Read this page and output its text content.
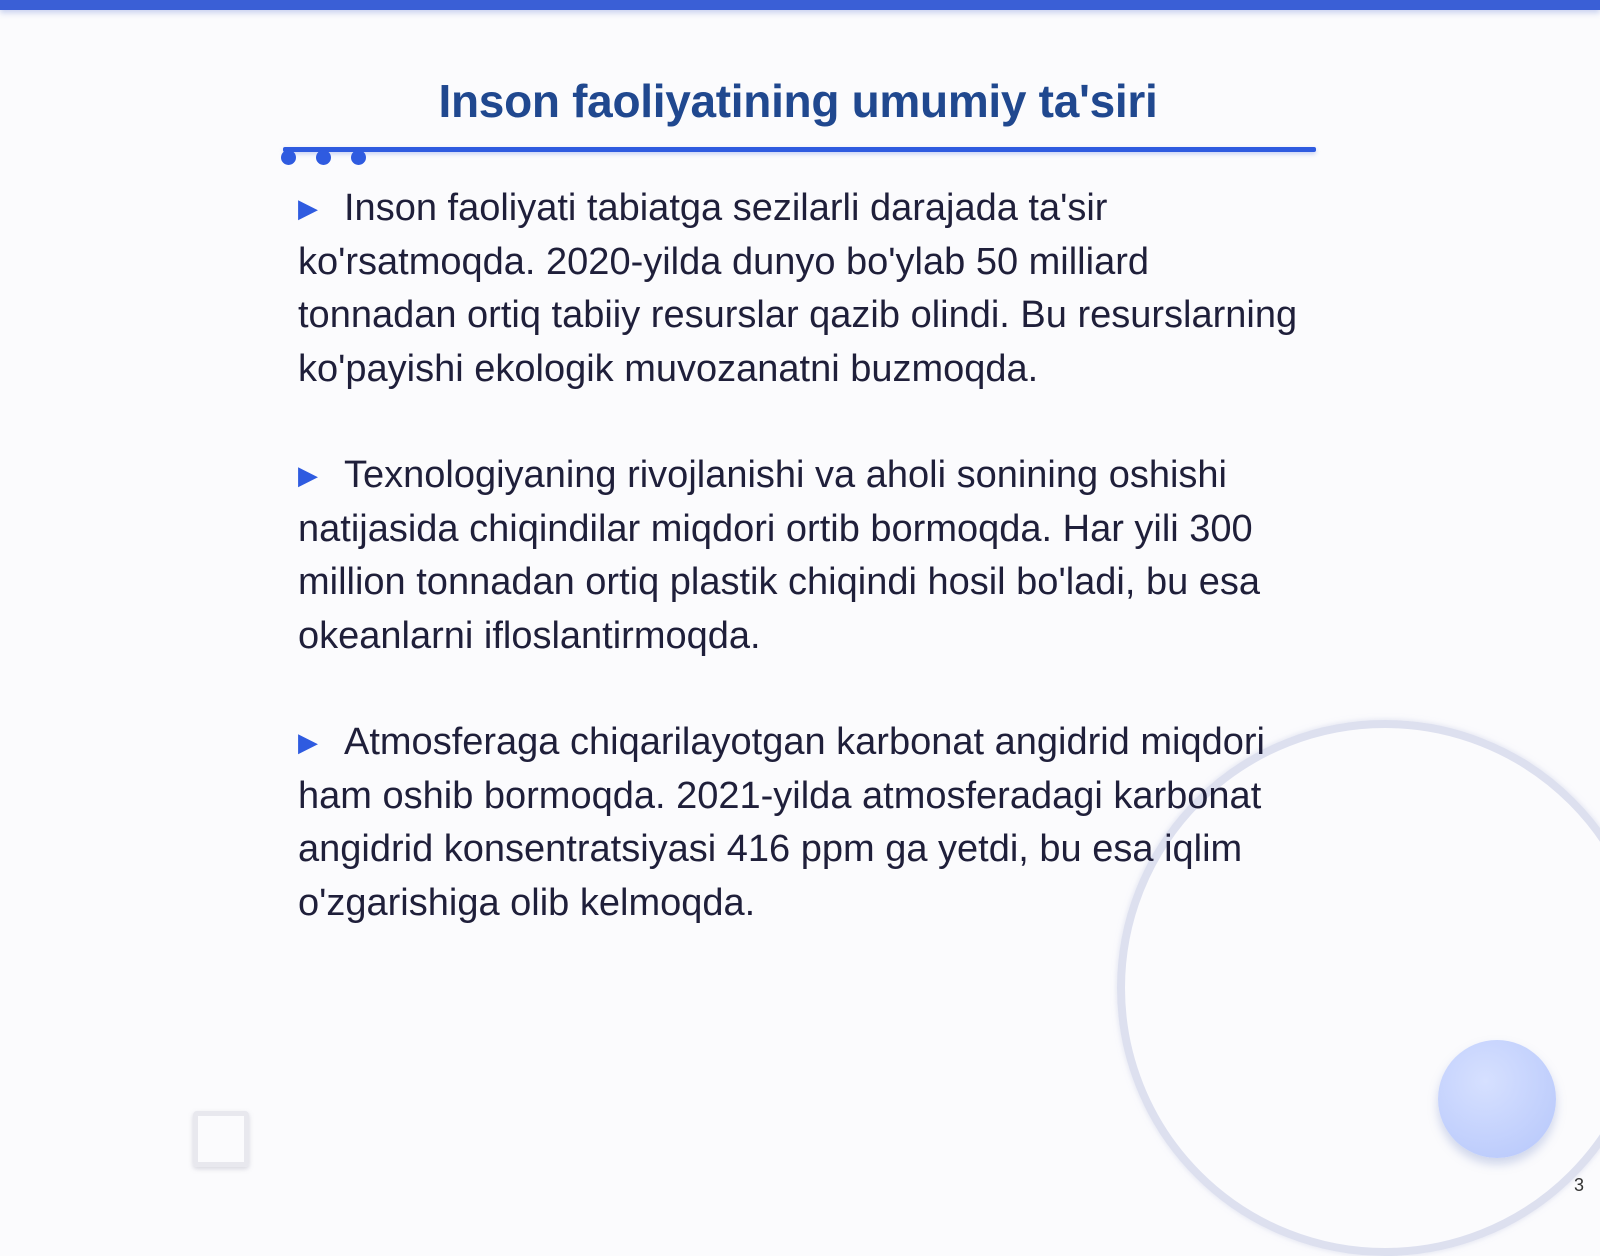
Inson faoliyatining umumiy ta'siri

▶ Inson faoliyati tabiatga sezilarli darajada ta'sir ko'rsatmoqda. 2020-yilda dunyo bo'ylab 50 milliard tonnadan ortiq tabiiy resurslar qazib olindi. Bu resurslarning ko'payishi ekologik muvozanatni buzmoqda.

▶ Texnologiyaning rivojlanishi va aholi sonining oshishi natijasida chiqindilar miqdori ortib bormoqda. Har yili 300 million tonnadan ortiq plastik chiqindi hosil bo'ladi, bu esa okeanlarni ifloslantirmoqda.

▶ Atmosferaga chiqarilayotgan karbonat angidrid miqdori ham oshib bormoqda. 2021-yilda atmosferadagi karbonat angidrid konsentratsiyasi 416 ppm ga yetdi, bu esa iqlim o'zgarishiga olib kelmoqda.

3
